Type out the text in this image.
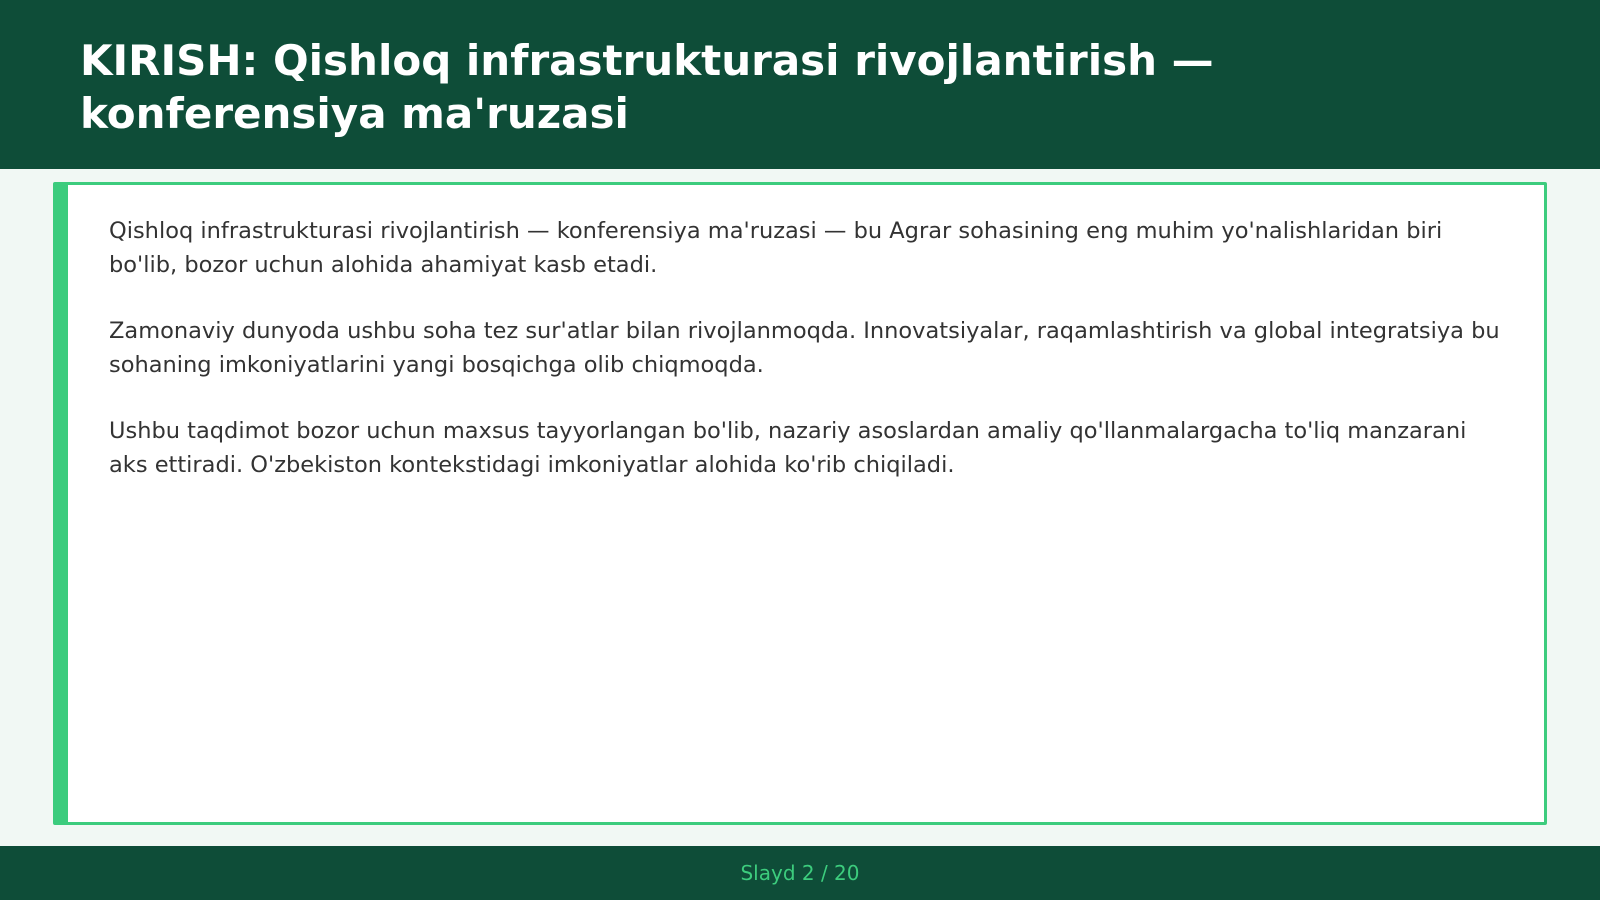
KIRISH: Qishloq infrastrukturasi rivojlantirish — konferensiya ma'ruzasi

Qishloq infrastrukturasi rivojlantirish — konferensiya ma'ruzasi — bu Agrar sohasining eng muhim yo'nalishlaridan biri bo'lib, bozor uchun alohida ahamiyat kasb etadi.

Zamonaviy dunyoda ushbu soha tez sur'atlar bilan rivojlanmoqda. Innovatsiyalar, raqamlashtirish va global integratsiya bu sohaning imkoniyatlarini yangi bosqichga olib chiqmoqda.

Ushbu taqdimot bozor uchun maxsus tayyorlangan bo'lib, nazariy asoslardan amaliy qo'llanmalargacha to'liq manzarani aks ettiradi. O'zbekiston kontekstidagi imkoniyatlar alohida ko'rib chiqiladi.

Slayd 2 / 20
